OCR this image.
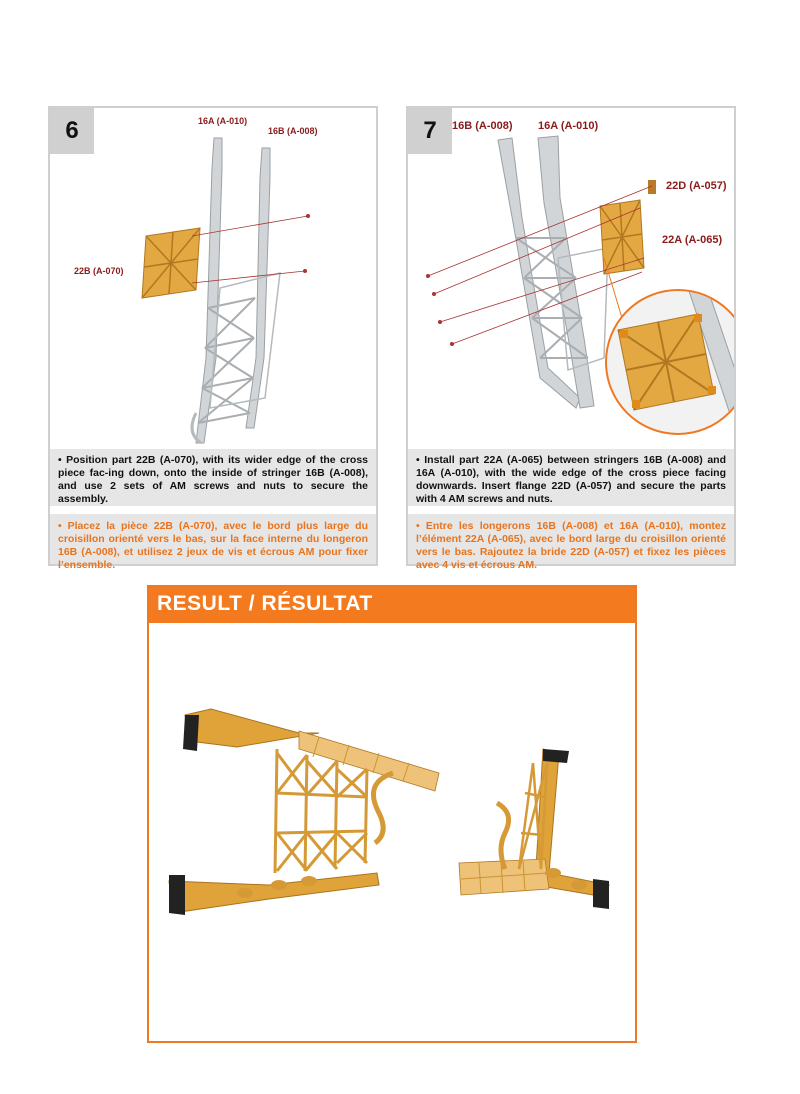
6	16A (A-010)
16B (A-008)
22B (A-070)
• Position part 22B (A-070), with its wider edge of the cross piece fac-ing down, onto the inside of stringer 16B (A-008), and use 2 sets of AM screws and nuts to secure the assembly.
• Placez la pièce 22B (A-070), avec le bord plus large du croisillon orienté vers le bas, sur la face interne du longeron 16B (A-008), et utilisez 2 jeux de vis et écrous AM pour fixer l’ensemble.
7	16B (A-008) 16A (A-010)
22D (A-057)
22A (A-065)
• Install part 22A (A-065) between stringers 16B (A-008) and 16A (A-010), with the wide edge of the cross piece facing downwards. Insert flange 22D (A-057) and secure the parts with 4 AM screws and nuts.
• Entre les longerons 16B (A-008) et 16A (A-010), montez l’élément 22A (A-065), avec le bord large du croisillon orienté vers le bas. Rajoutez la bride 22D (A-057) et fixez les pièces avec 4 vis et écrous AM.
RESULT / RÉSULTAT
